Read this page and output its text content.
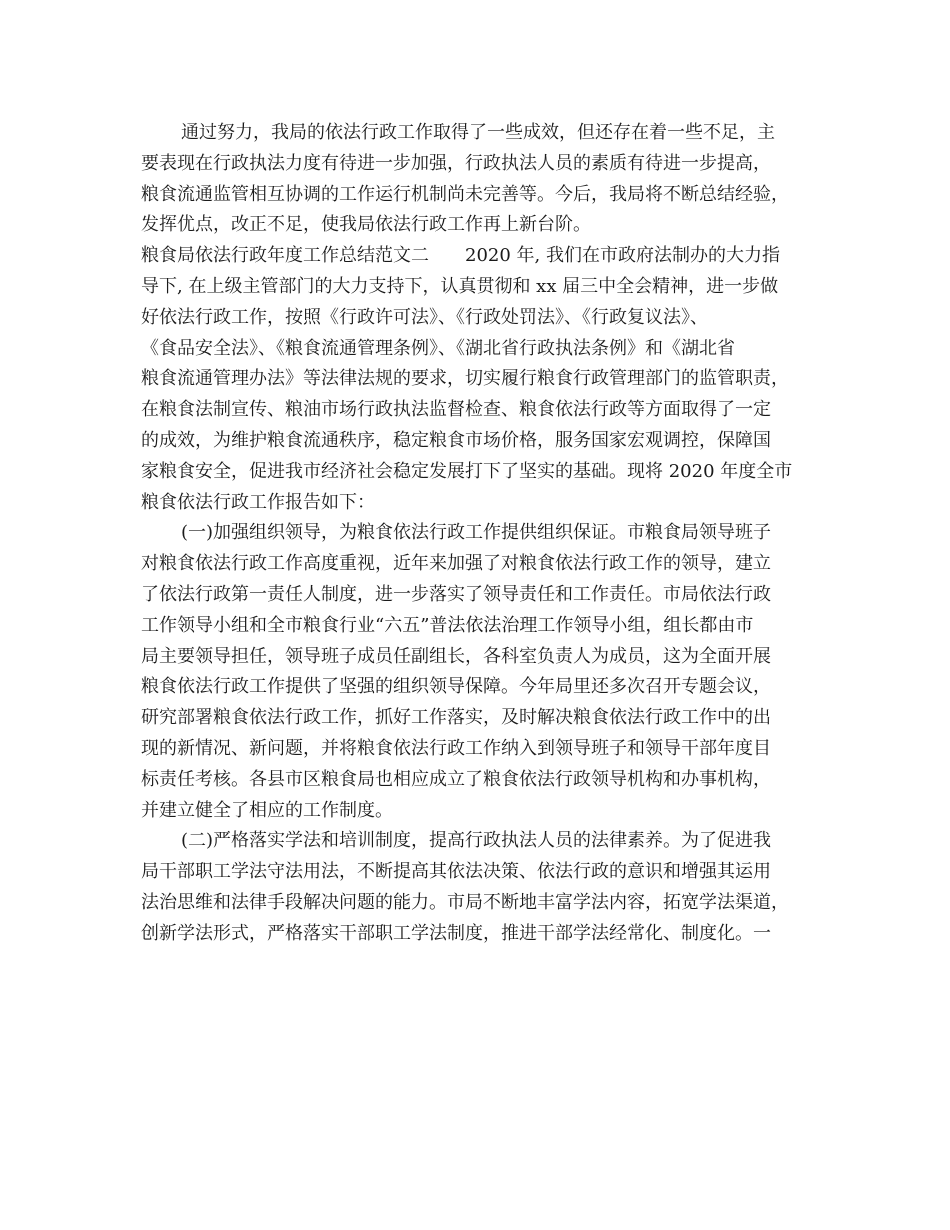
通过努力，我局的依法行政工作取得了一些成效，但还存在着一些不足，主
要表现在行政执法力度有待进一步加强，行政执法人员的素质有待进一步提高，
粮食流通监管相互协调的工作运行机制尚未完善等。今后，我局将不断总结经验，
发挥优点，改正不足，使我局依法行政工作再上新台阶。
粮食局依法行政年度工作总结范文二　　2020 年, 我们在市政府法制办的大力指
导下, 在上级主管部门的大力支持下，认真贯彻和 xx 届三中全会精神，进一步做
好依法行政工作，按照《行政许可法》、《行政处罚法》、《行政复议法》、
《食品安全法》、《粮食流通管理条例》、《湖北省行政执法条例》和《湖北省
粮食流通管理办法》等法律法规的要求，切实履行粮食行政管理部门的监管职责，
在粮食法制宣传、粮油市场行政执法监督检查、粮食依法行政等方面取得了一定
的成效，为维护粮食流通秩序，稳定粮食市场价格，服务国家宏观调控，保障国
家粮食安全，促进我市经济社会稳定发展打下了坚实的基础。现将 2020 年度全市
粮食依法行政工作报告如下：
(一)加强组织领导，为粮食依法行政工作提供组织保证。市粮食局领导班子
对粮食依法行政工作高度重视，近年来加强了对粮食依法行政工作的领导，建立
了依法行政第一责任人制度，进一步落实了领导责任和工作责任。市局依法行政
工作领导小组和全市粮食行业“六五”普法依法治理工作领导小组，组长都由市
局主要领导担任，领导班子成员任副组长，各科室负责人为成员，这为全面开展
粮食依法行政工作提供了坚强的组织领导保障。今年局里还多次召开专题会议，
研究部署粮食依法行政工作，抓好工作落实，及时解决粮食依法行政工作中的出
现的新情况、新问题，并将粮食依法行政工作纳入到领导班子和领导干部年度目
标责任考核。各县市区粮食局也相应成立了粮食依法行政领导机构和办事机构，
并建立健全了相应的工作制度。
(二)严格落实学法和培训制度，提高行政执法人员的法律素养。为了促进我
局干部职工学法守法用法，不断提高其依法决策、依法行政的意识和增强其运用
法治思维和法律手段解决问题的能力。市局不断地丰富学法内容，拓宽学法渠道，
创新学法形式，严格落实干部职工学法制度，推进干部学法经常化、制度化。一
